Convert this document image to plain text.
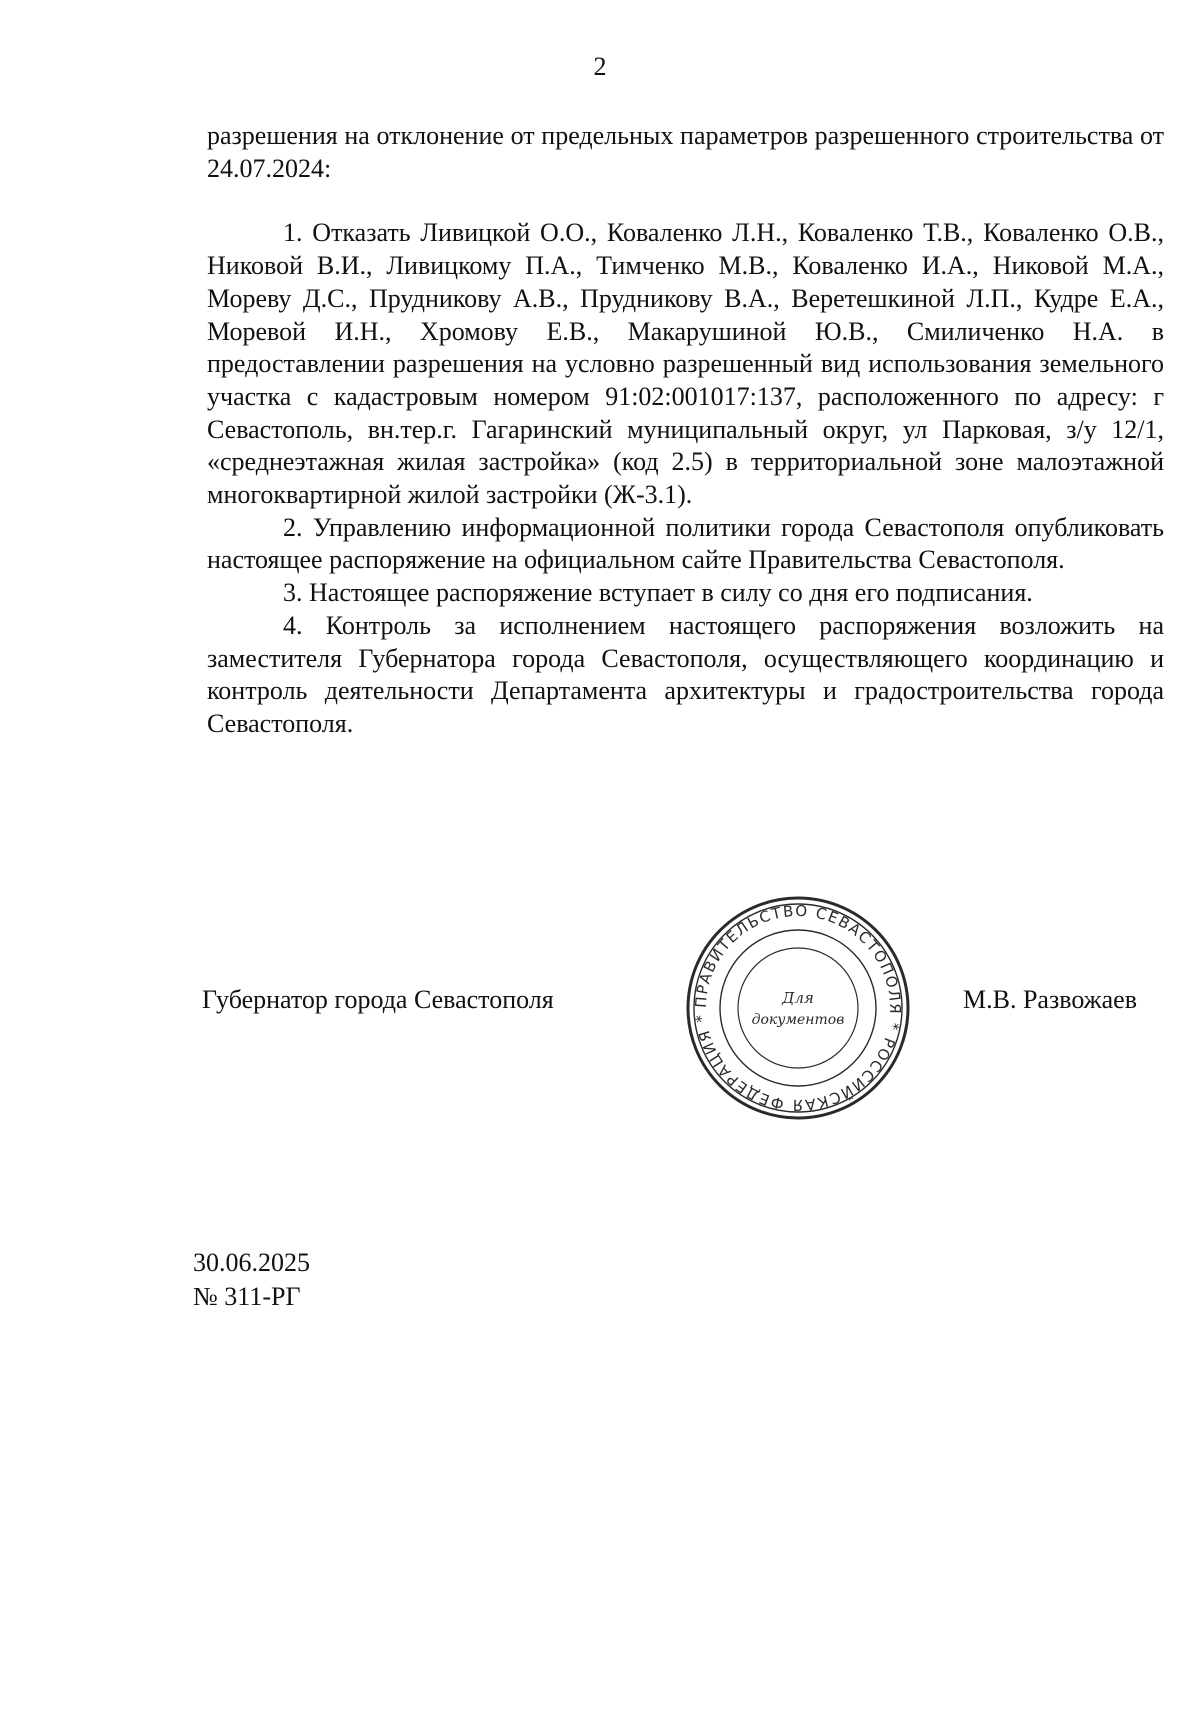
2

разрешения на отклонение от предельных параметров разрешенного строительства от 24.07.2024:

1. Отказать Ливицкой О.О., Коваленко Л.Н., Коваленко Т.В., Коваленко О.В., Никовой В.И., Ливицкому П.А., Тимченко М.В., Коваленко И.А., Никовой М.А., Мореву Д.С., Прудникову А.В., Прудникову В.А., Веретешкиной Л.П., Кудре Е.А., Моревой И.Н., Хромову Е.В., Макарушиной Ю.В., Смиличенко Н.А. в предоставлении разрешения на условно разрешенный вид использования земельного участка с кадастровым номером 91:02:001017:137, расположенного по адресу: г Севастополь, вн.тер.г. Гагаринский муниципальный округ, ул Парковая, з/у 12/1, «среднеэтажная жилая застройка» (код 2.5) в территориальной зоне малоэтажной многоквартирной жилой застройки (Ж-3.1).

2. Управлению информационной политики города Севастополя опубликовать настоящее распоряжение на официальном сайте Правительства Севастополя.

3. Настоящее распоряжение вступает в силу со дня его подписания.

4. Контроль за исполнением настоящего распоряжения возложить на заместителя Губернатора города Севастополя, осуществляющего координацию и контроль деятельности Департамента архитектуры и градостроительства города Севастополя.

Губернатор города Севастополя	ПРАВИТЕЛЬСТВО СЕВАСТОПОЛЯ * РОССИЙСКАЯ ФЕДЕРАЦИЯ *
Для
документов
М.В. Развожаев
30.06.2025
№ 311-РГ
